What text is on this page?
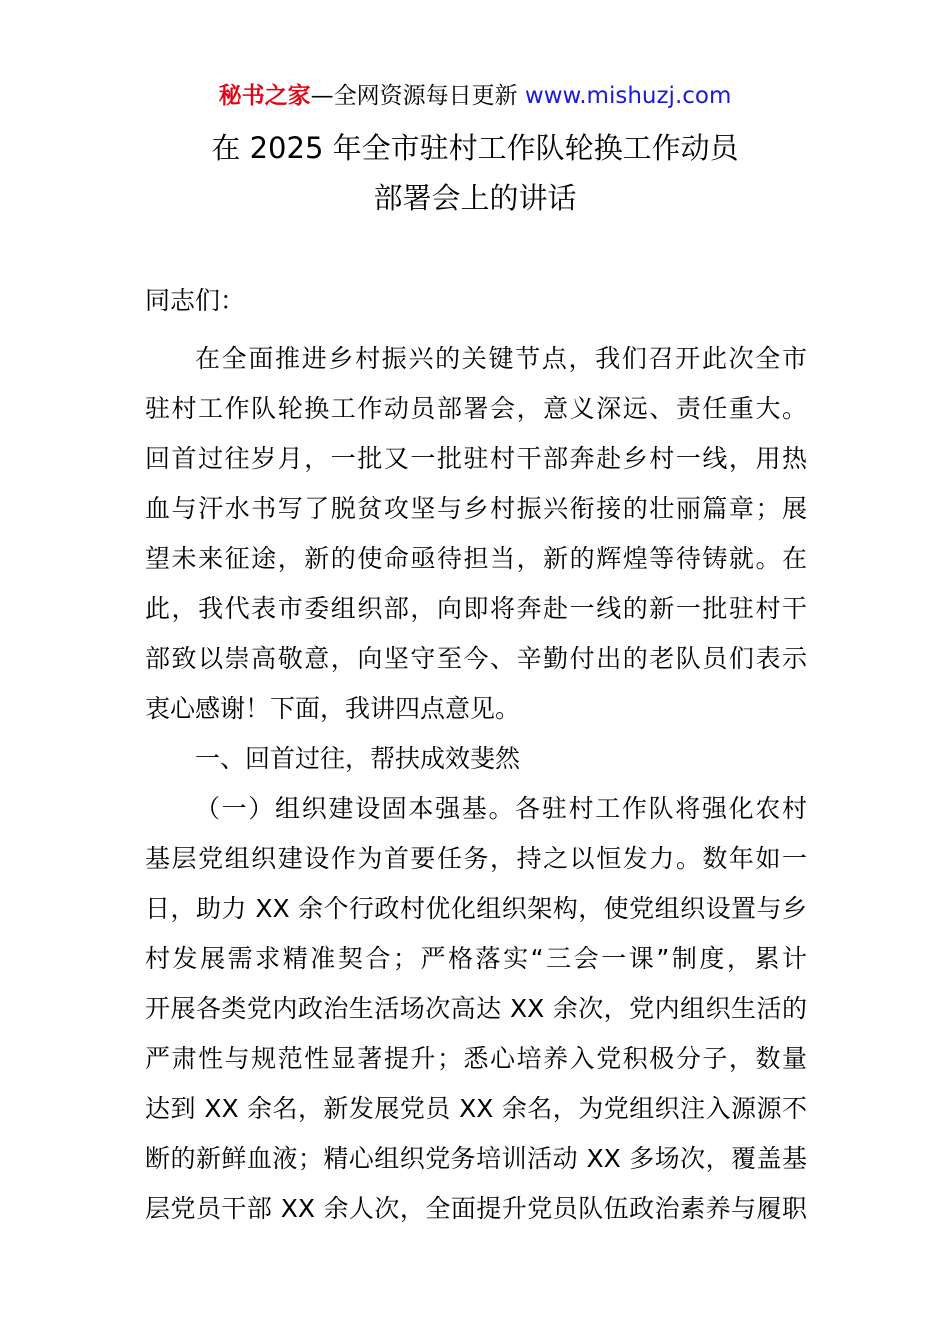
秘书之家—全网资源每日更新 www.mishuzj.com
在 2025 年全市驻村工作队轮换工作动员
部署会上的讲话
同志们：
在全面推进乡村振兴的关键节点，我们召开此次全市
驻村工作队轮换工作动员部署会，意义深远、责任重大。
回首过往岁月，一批又一批驻村干部奔赴乡村一线，用热
血与汗水书写了脱贫攻坚与乡村振兴衔接的壮丽篇章；展
望未来征途，新的使命亟待担当，新的辉煌等待铸就。在
此，我代表市委组织部，向即将奔赴一线的新一批驻村干
部致以崇高敬意，向坚守至今、辛勤付出的老队员们表示
衷心感谢！下面，我讲四点意见。
一、回首过往，帮扶成效斐然
（一）组织建设固本强基。各驻村工作队将强化农村
基层党组织建设作为首要任务，持之以恒发力。数年如一
日，助力 XX 余个行政村优化组织架构，使党组织设置与乡
村发展需求精准契合；严格落实“三会一课”制度，累计
开展各类党内政治生活场次高达 XX 余次，党内组织生活的
严肃性与规范性显著提升；悉心培养入党积极分子，数量
达到 XX 余名，新发展党员 XX 余名，为党组织注入源源不
断的新鲜血液；精心组织党务培训活动 XX 多场次，覆盖基
层党员干部 XX 余人次，全面提升党员队伍政治素养与履职
